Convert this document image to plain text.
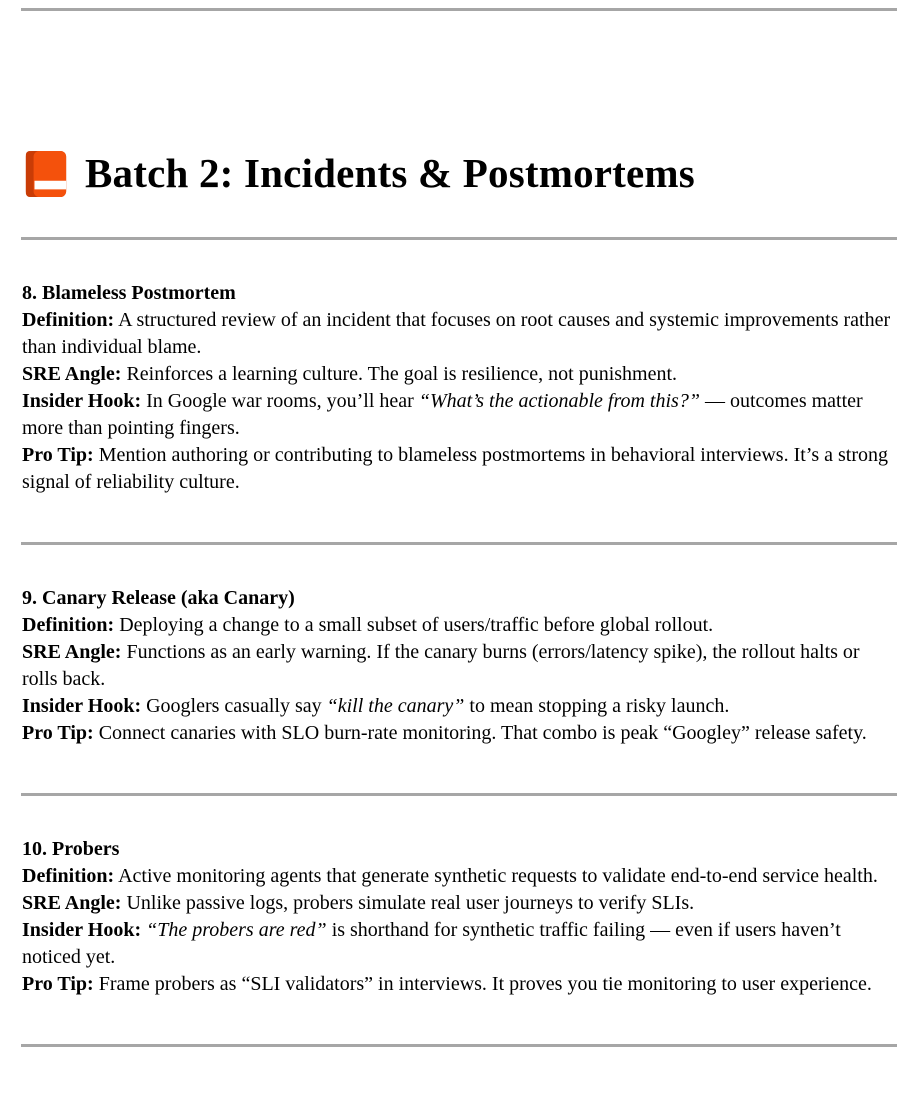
Batch 2: Incidents & Postmortems
8. Blameless Postmortem
Definition: A structured review of an incident that focuses on root causes and systemic improvements rather than individual blame.
SRE Angle: Reinforces a learning culture. The goal is resilience, not punishment.
Insider Hook: In Google war rooms, you’ll hear “What’s the actionable from this?” — outcomes matter more than pointing fingers.
Pro Tip: Mention authoring or contributing to blameless postmortems in behavioral interviews. It’s a strong signal of reliability culture.
9. Canary Release (aka Canary)
Definition: Deploying a change to a small subset of users/traffic before global rollout.
SRE Angle: Functions as an early warning. If the canary burns (errors/latency spike), the rollout halts or rolls back.
Insider Hook: Googlers casually say “kill the canary” to mean stopping a risky launch.
Pro Tip: Connect canaries with SLO burn-rate monitoring. That combo is peak “Googley” release safety.
10. Probers
Definition: Active monitoring agents that generate synthetic requests to validate end-to-end service health.
SRE Angle: Unlike passive logs, probers simulate real user journeys to verify SLIs.
Insider Hook: “The probers are red” is shorthand for synthetic traffic failing — even if users haven’t noticed yet.
Pro Tip: Frame probers as “SLI validators” in interviews. It proves you tie monitoring to user experience.
